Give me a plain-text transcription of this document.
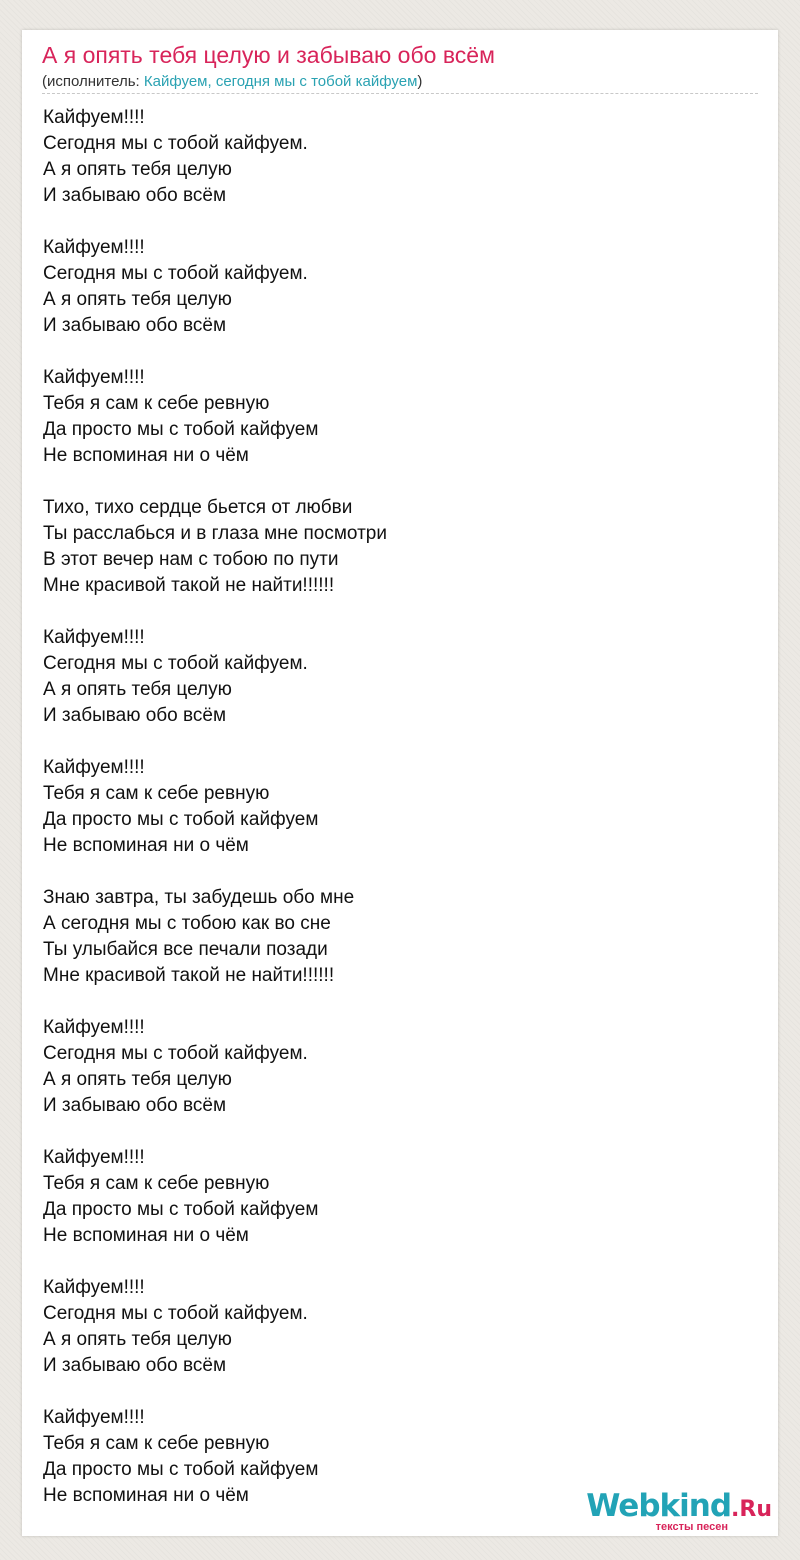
А я опять тебя целую и забываю обо всём
(исполнитель: Кайфуем, сегодня мы с тобой кайфуем)
Кайфуем!!!!
Сегодня мы с тобой кайфуем.
А я опять тебя целую
И забываю обо всём
Кайфуем!!!!
Сегодня мы с тобой кайфуем.
А я опять тебя целую
И забываю обо всём
Кайфуем!!!!
Тебя я сам к себе ревную
Да просто мы с тобой кайфуем
Не вспоминая ни о чём
Тихо, тихо сердце бьется от любви
Ты расслабься и в глаза мне посмотри
В этот вечер нам с тобою по пути
Мне красивой такой не найти!!!!!!
Кайфуем!!!!
Сегодня мы с тобой кайфуем.
А я опять тебя целую
И забываю обо всём
Кайфуем!!!!
Тебя я сам к себе ревную
Да просто мы с тобой кайфуем
Не вспоминая ни о чём
Знаю завтра, ты забудешь обо мне
А сегодня мы с тобою как во сне
Ты улыбайся все печали позади
Мне красивой такой не найти!!!!!!
Кайфуем!!!!
Сегодня мы с тобой кайфуем.
А я опять тебя целую
И забываю обо всём
Кайфуем!!!!
Тебя я сам к себе ревную
Да просто мы с тобой кайфуем
Не вспоминая ни о чём
Кайфуем!!!!
Сегодня мы с тобой кайфуем.
А я опять тебя целую
И забываю обо всём
Кайфуем!!!!
Тебя я сам к себе ревную
Да просто мы с тобой кайфуем
Не вспоминая ни о чём	Webkind.Ru
тексты песен
